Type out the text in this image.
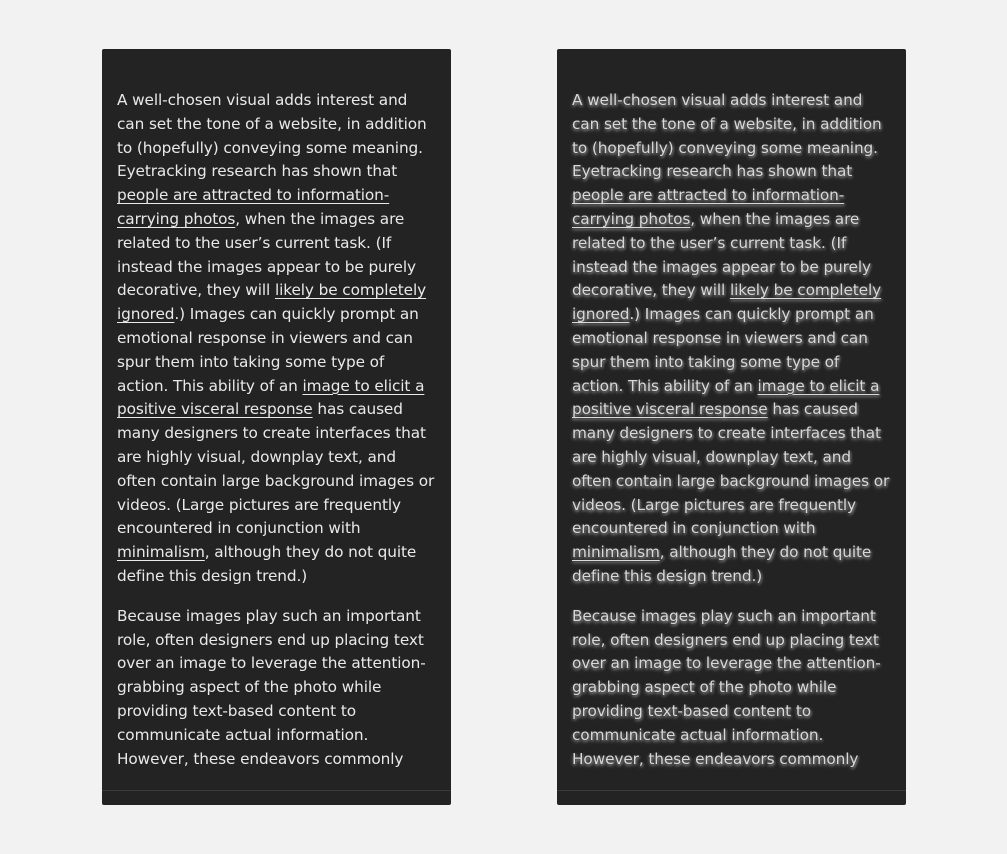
A well-chosen visual adds interest and can set the tone of a website, in addition to (hopefully) conveying some meaning. Eyetracking research has shown that people are attracted to information-carrying photos, when the images are related to the user’s current task. (If instead the images appear to be purely decorative, they will likely be completely ignored.) Images can quickly prompt an emotional response in viewers and can spur them into taking some type of action. This ability of an image to elicit a positive visceral response has caused many designers to create interfaces that are highly visual, downplay text, and often contain large background images or videos. (Large pictures are frequently encountered in conjunction with minimalism, although they do not quite define this design trend.)

Because images play such an important role, often designers end up placing text over an image to leverage the attention-grabbing aspect of the photo while providing text-based content to communicate actual information. However, these endeavors commonly

A well-chosen visual adds interest and can set the tone of a website, in addition to (hopefully) conveying some meaning. Eyetracking research has shown that people are attracted to information-carrying photos, when the images are related to the user’s current task. (If instead the images appear to be purely decorative, they will likely be completely ignored.) Images can quickly prompt an emotional response in viewers and can spur them into taking some type of action. This ability of an image to elicit a positive visceral response has caused many designers to create interfaces that are highly visual, downplay text, and often contain large background images or videos. (Large pictures are frequently encountered in conjunction with minimalism, although they do not quite define this design trend.)

Because images play such an important role, often designers end up placing text over an image to leverage the attention-grabbing aspect of the photo while providing text-based content to communicate actual information. However, these endeavors commonly
